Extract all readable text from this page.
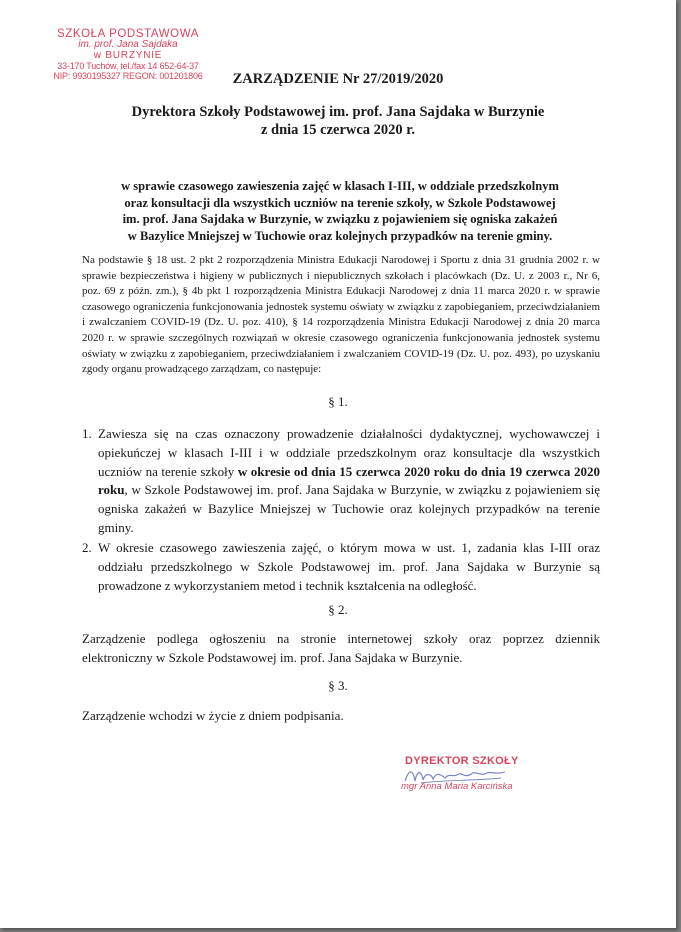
SZKOŁA PODSTAWOWA
im. prof. Jana Sajdaka
w BURZYNIE
33-170 Tuchów, tel./fax 14 652-64-37
NIP: 9930195327 REGON: 001201806	ZARZĄDZENIE Nr 27/2019/2020
Dyrektora Szkoły Podstawowej im. prof. Jana Sajdaka w Burzynie
z dnia 15 czerwca 2020 r.
w sprawie czasowego zawieszenia zajęć w klasach I-III, w oddziale przedszkolnym
oraz konsultacji dla wszystkich uczniów na terenie szkoły, w Szkole Podstawowej
im. prof. Jana Sajdaka w Burzynie, w związku z pojawieniem się ogniska zakażeń
w Bazylice Mniejszej w Tuchowie oraz kolejnych przypadków na terenie gminy.
Na podstawie § 18 ust. 2 pkt 2 rozporządzenia Ministra Edukacji Narodowej i Sportu z dnia 31 grudnia 2002 r. w sprawie bezpieczeństwa i higieny w publicznych i niepublicznych szkołach i placówkach (Dz. U. z 2003 r., Nr 6, poz. 69 z późn. zm.), § 4b pkt 1 rozporządzenia Ministra Edukacji Narodowej z dnia 11 marca 2020 r. w sprawie czasowego ograniczenia funkcjonowania jednostek systemu oświaty w związku z zapobieganiem, przeciwdziałaniem i zwalczaniem COVID-19 (Dz. U. poz. 410), § 14 rozporządzenia Ministra Edukacji Narodowej z dnia 20 marca 2020 r. w sprawie szczególnych rozwiązań w okresie czasowego ograniczenia funkcjonowania jednostek systemu oświaty w związku z zapobieganiem, przeciwdziałaniem i zwalczaniem COVID-19 (Dz. U. poz. 493), po uzyskaniu zgody organu prowadzącego zarządzam, co następuje:
§ 1.
1. Zawiesza się na czas oznaczony prowadzenie działalności dydaktycznej, wychowawczej i opiekuńczej w klasach I-III i w oddziale przedszkolnym oraz konsultacje dla wszystkich uczniów na terenie szkoły w okresie od dnia 15 czerwca 2020 roku do dnia 19 czerwca 2020 roku, w Szkole Podstawowej im. prof. Jana Sajdaka w Burzynie, w związku z pojawieniem się ogniska zakażeń w Bazylice Mniejszej w Tuchowie oraz kolejnych przypadków na terenie gminy.
2. W okresie czasowego zawieszenia zajęć, o którym mowa w ust. 1, zadania klas I-III oraz oddziału przedszkolnego w Szkole Podstawowej im. prof. Jana Sajdaka w Burzynie są prowadzone z wykorzystaniem metod i technik kształcenia na odległość.
§ 2.
Zarządzenie podlega ogłoszeniu na stronie internetowej szkoły oraz poprzez dziennik elektroniczny w Szkole Podstawowej im. prof. Jana Sajdaka w Burzynie.
§ 3.
Zarządzenie wchodzi w życie z dniem podpisania.
DYREKTOR SZKOŁY
mgr Anna Maria Karcińska
